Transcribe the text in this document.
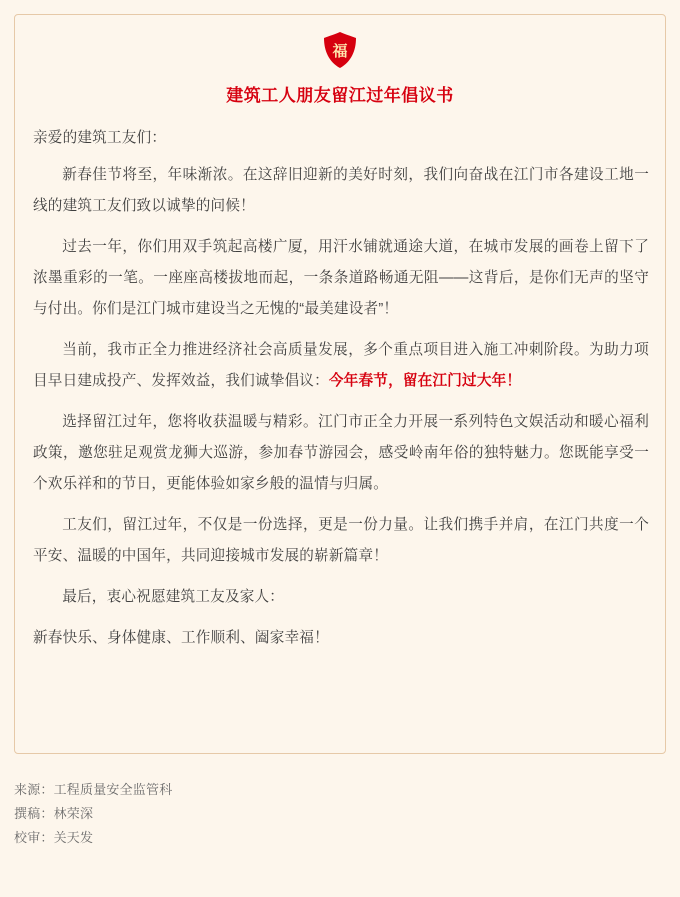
福
建筑工人朋友留江过年倡议书

亲爱的建筑工友们：

新春佳节将至，年味渐浓。在这辞旧迎新的美好时刻，我们向奋战在江门市各建设工地一线的建筑工友们致以诚挚的问候！

过去一年，你们用双手筑起高楼广厦，用汗水铺就通途大道，在城市发展的画卷上留下了浓墨重彩的一笔。一座座高楼拔地而起，一条条道路畅通无阻——这背后，是你们无声的坚守与付出。你们是江门城市建设当之无愧的“最美建设者”！

当前，我市正全力推进经济社会高质量发展，多个重点项目进入施工冲刺阶段。为助力项目早日建成投产、发挥效益，我们诚挚倡议：今年春节，留在江门过大年！

选择留江过年，您将收获温暖与精彩。江门市正全力开展一系列特色文娱活动和暖心福利政策，邀您驻足观赏龙狮大巡游，参加春节游园会，感受岭南年俗的独特魅力。您既能享受一个欢乐祥和的节日，更能体验如家乡般的温情与归属。

工友们，留江过年，不仅是一份选择，更是一份力量。让我们携手并肩，在江门共度一个平安、温暖的中国年，共同迎接城市发展的崭新篇章！

最后，衷心祝愿建筑工友及家人：

新春快乐、身体健康、工作顺利、阖家幸福！

来源：工程质量安全监管科
撰稿：林荣深
校审：关天发
